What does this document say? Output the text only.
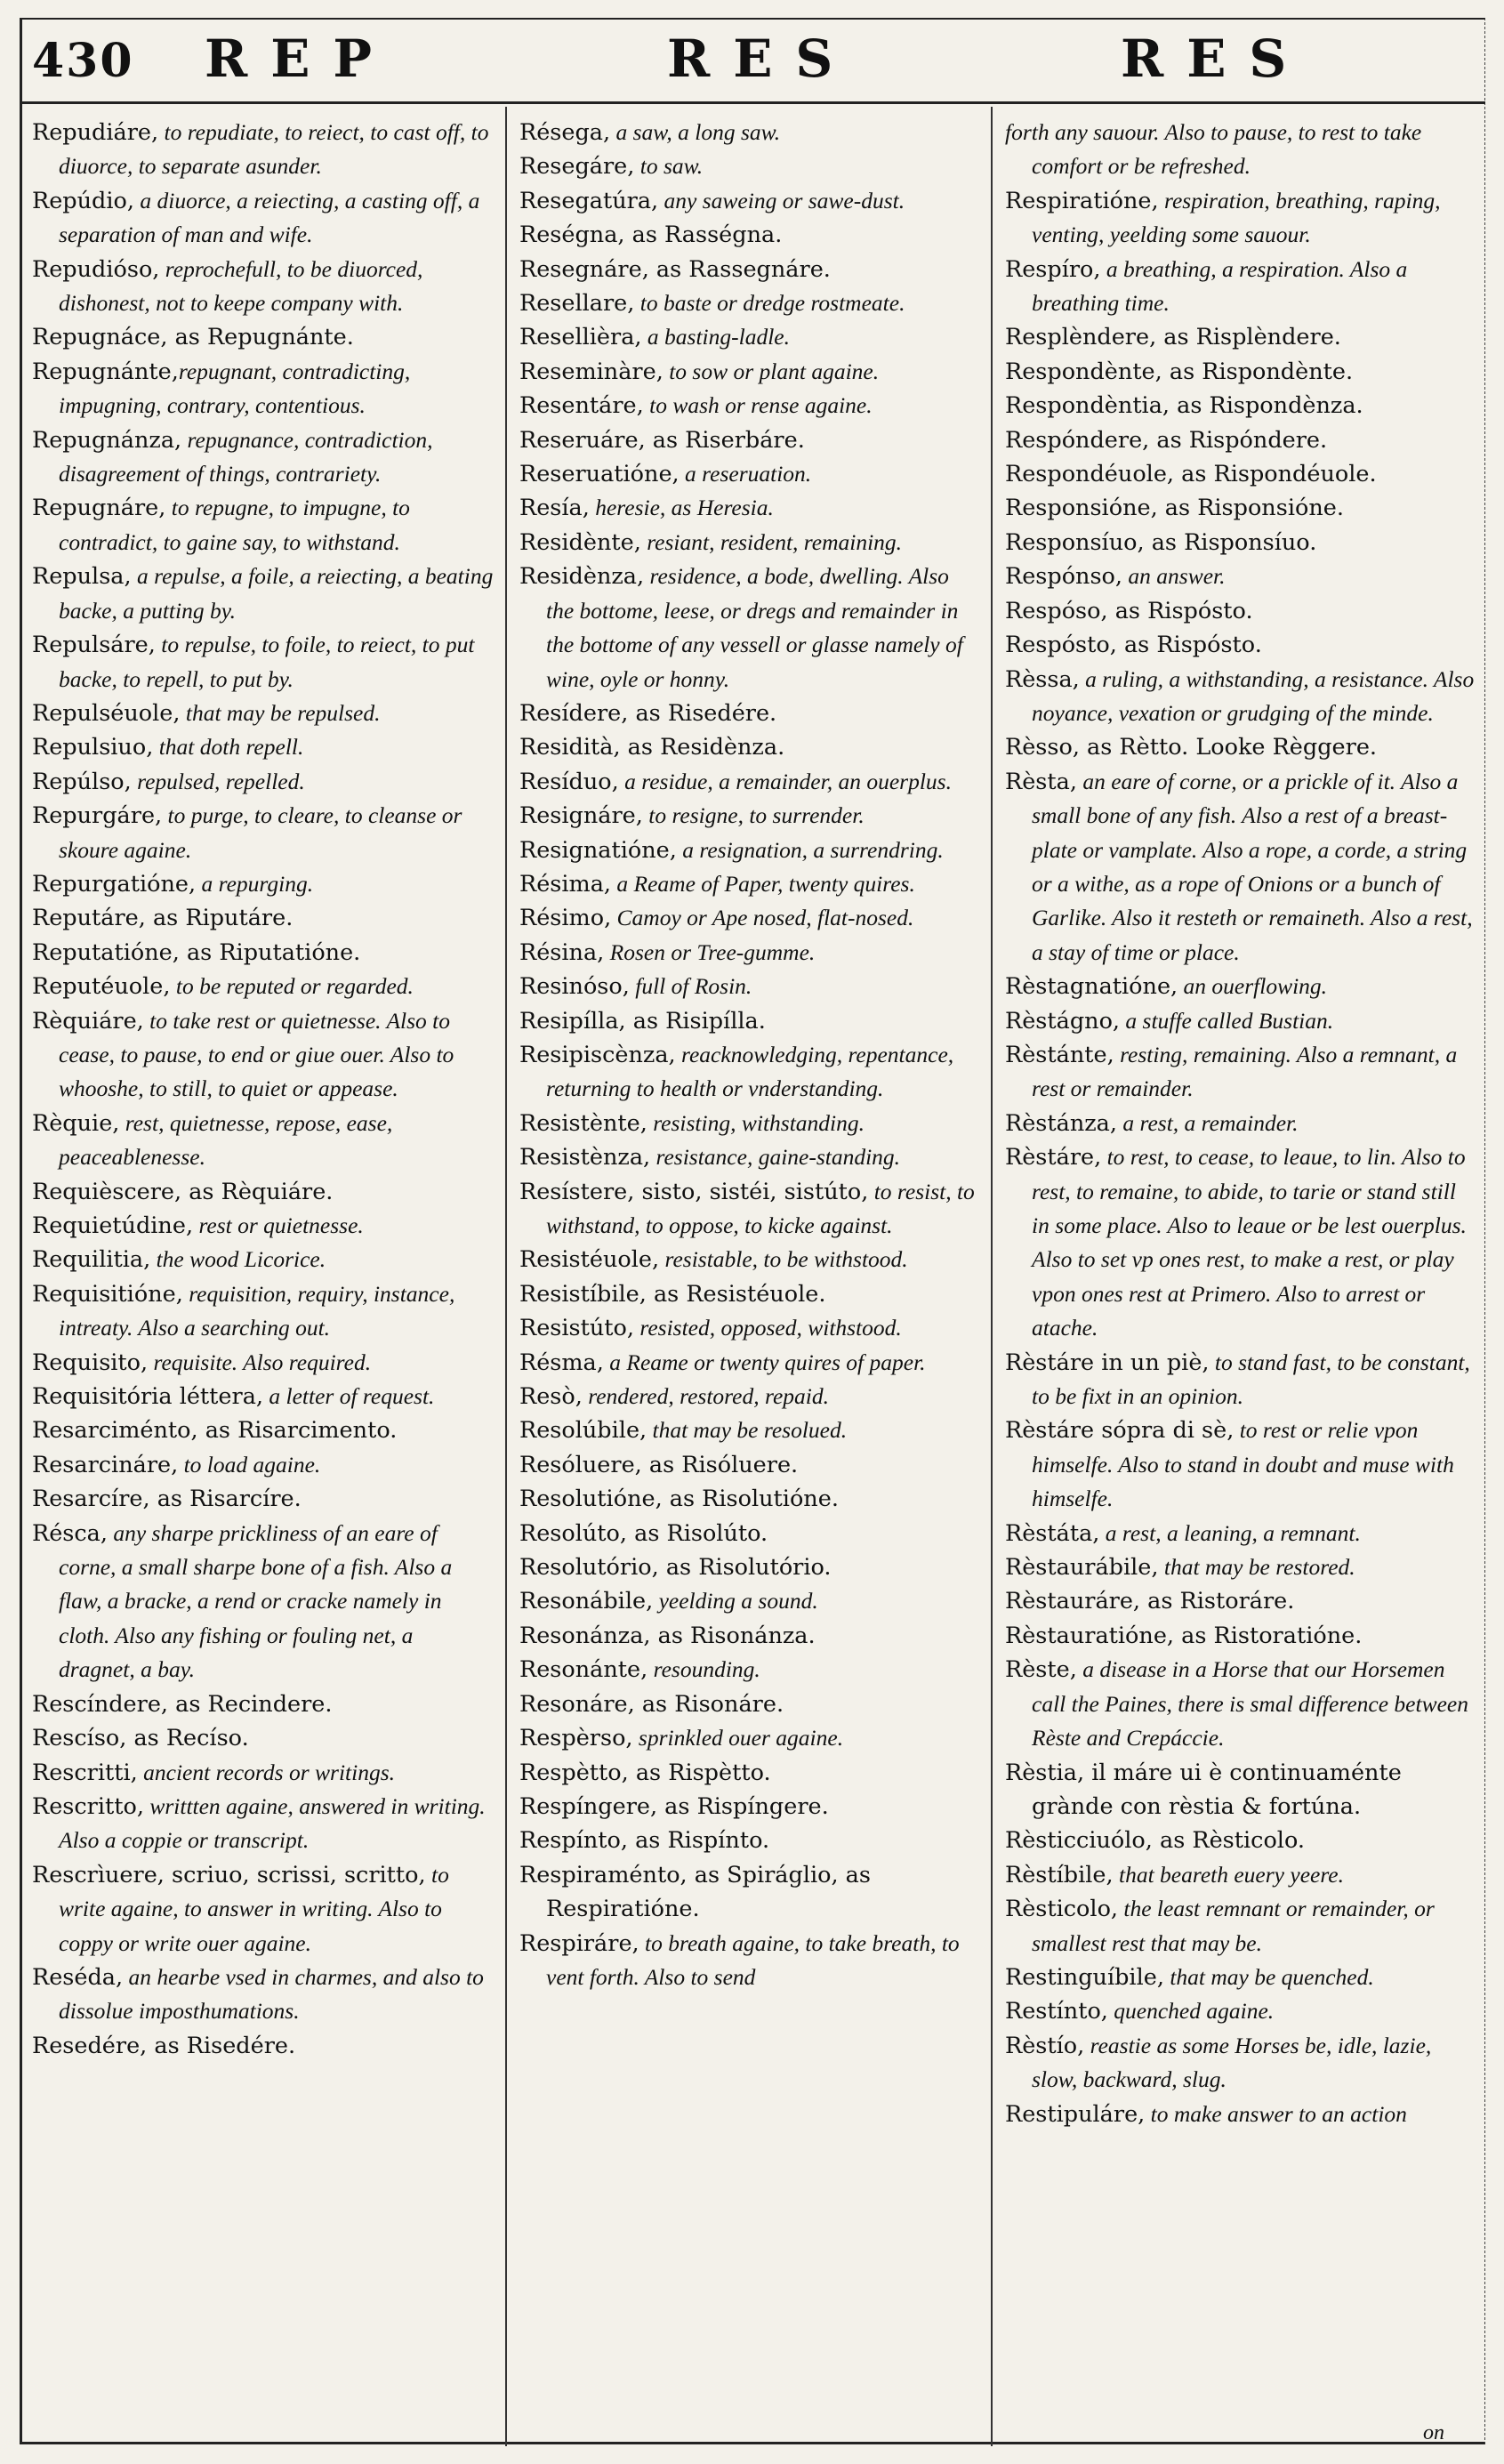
430 REP	RES	RES

Repudiáre, to repudiate, to reiect, to cast off, to diuorce, to separate asunder.

Repúdio, a diuorce, a reiecting, a casting off, a separation of man and wife.

Repudiόso, reprochefull, to be diuorced, dishonest, not to keepe company with.

Repugnáce, as Repugnánte.

Repugnánte,repugnant, contradicting, impugning, contrary, contentious.

Repugnánza, repugnance, contradiction, disagreement of things, contrariety.

Repugnáre, to repugne, to impugne, to contradict, to gaine say, to withstand.

Repulsa, a repulse, a foile, a reiecting, a beating backe, a putting by.

Repulsáre, to repulse, to foile, to reiect, to put backe, to repell, to put by.

Repulséuole, that may be repulsed.

Repulsiuo, that doth repell.

Repúlso, repulsed, repelled.

Repurgáre, to purge, to cleare, to cleanse or skoure againe.

Repurgatióne, a repurging.

Reputáre, as Riputáre.

Reputatióne, as Riputatióne.

Reputéuole, to be reputed or regarded.

Rèquiáre, to take rest or quietnesse. Also to cease, to pause, to end or giue ouer. Also to whooshe, to still, to quiet or appease.

Rèquie, rest, quietnesse, repose, ease, peaceablenesse.

Requièscere, as Rèquiáre.

Requietúdine, rest or quietnesse.

Requilitia, the wood Licorice.

Requisitióne, requisition, requiry, instance, intreaty. Also a searching out.

Requisito, requisite. Also required.

Requisitória léttera, a letter of request.

Resarciménto, as Risarcimento.

Resarcináre, to load againe.

Resarcíre, as Risarcíre.

Résca, any sharpe prickliness of an eare of corne, a small sharpe bone of a fish. Also a flaw, a bracke, a rend or cracke namely in cloth. Also any fishing or fouling net, a dragnet, a bay.

Rescíndere, as Recindere.

Rescíso, as Recíso.

Rescritti, ancient records or writings.

Rescritto, writtten againe, answered in writing. Also a coppie or transcript.

Rescrìuere, scriuo, scrissi, scritto, to write againe, to answer in writing. Also to coppy or write ouer againe.

Reséda, an hearbe vsed in charmes, and also to dissolue imposthumations.

Resedére, as Risedére.

Résega, a saw, a long saw.

Resegáre, to saw.

Resegatúra, any saweing or sawe-dust.

Reségna, as Rasségna.

Resegnáre, as Rassegnáre.

Resellare, to baste or dredge rostmeate.

Resellièra, a basting-ladle.

Reseminàre, to sow or plant againe.

Resentáre, to wash or rense againe.

Reseruáre, as Riserbáre.

Reseruatióne, a reseruation.

Resía, heresie, as Heresia.

Residènte, resiant, resident, remaining.

Residènza, residence, a bode, dwelling. Also the bottome, leese, or dregs and remainder in the bottome of any vessell or glasse namely of wine, oyle or honny.

Resídere, as Risedére.

Residità, as Residènza.

Resíduo, a residue, a remainder, an ouerplus.

Resignáre, to resigne, to surrender.

Resignatióne, a resignation, a surrendring.

Résima, a Reame of Paper, twenty quires.

Résimo, Camoy or Ape nosed, flat-nosed.

Résina, Rosen or Tree-gumme.

Resinóso, full of Rosin.

Resipílla, as Risipílla.

Resipiscènza, reacknowledging, repentance, returning to health or vnderstanding.

Resistènte, resisting, withstanding.

Resistènza, resistance, gaine-standing.

Resístere, sisto, sistéi, sistúto, to resist, to withstand, to oppose, to kicke against.

Resistéuole, resistable, to be withstood.

Resistíbile, as Resistéuole.

Resistúto, resisted, opposed, withstood.

Résma, a Reame or twenty quires of paper.

Resò, rendered, restored, repaid.

Resolúbile, that may be resolued.

Resóluere, as Risóluere.

Resolutióne, as Risolutióne.

Resolúto, as Risolúto.

Resolutório, as Risolutório.

Resonábile, yeelding a sound.

Resonánza, as Risonánza.

Resonánte, resounding.

Resonáre, as Risonáre.

Respèrso, sprinkled ouer againe.

Respètto, as Rispètto.

Respíngere, as Rispíngere.

Respínto, as Rispínto.

Respiraménto, as Spiráglio, as Respiratióne.

Respiráre, to breath againe, to take breath, to vent forth. Also to send

forth any sauour. Also to pause, to rest to take comfort or be refreshed.

Respiratióne, respiration, breathing, raping, venting, yeelding some sauour.

Respíro, a breathing, a respiration. Also a breathing time.

Resplèndere, as Risplèndere.

Respondènte, as Rispondènte.

Respondèntia, as Rispondènza.

Respóndere, as Rispóndere.

Respondéuole, as Rispondéuole.

Responsióne, as Risponsióne.

Responsíuo, as Risponsíuo.

Respónso, an answer.

Respóso, as Rispósto.

Respósto, as Rispósto.

Rèssa, a ruling, a withstanding, a resistance. Also noyance, vexation or grudging of the minde.

Rèsso, as Rètto. Looke Règgere.

Rèsta, an eare of corne, or a prickle of it. Also a small bone of any fish. Also a rest of a breast-plate or vamplate. Also a rope, a corde, a string or a withe, as a rope of Onions or a bunch of Garlike. Also it resteth or remaineth. Also a rest, a stay of time or place.

Rèstagnatióne, an ouerflowing.

Rèstágno, a stuffe called Bustian.

Rèstánte, resting, remaining. Also a remnant, a rest or remainder.

Rèstánza, a rest, a remainder.

Rèstáre, to rest, to cease, to leaue, to lin. Also to rest, to remaine, to abide, to tarie or stand still in some place. Also to leaue or be lest ouerplus. Also to set vp ones rest, to make a rest, or play vpon ones rest at Primero. Also to arrest or atache.

Rèstáre in un piè, to stand fast, to be constant, to be fixt in an opinion.

Rèstáre sópra di sè, to rest or relie vpon himselfe. Also to stand in doubt and muse with himselfe.

Rèstáta, a rest, a leaning, a remnant.

Rèstaurábile, that may be restored.

Rèstauráre, as Ristoráre.

Rèstauratióne, as Ristoratióne.

Rèste, a disease in a Horse that our Horsemen call the Paines, there is smal difference between Rèste and Crepáccie.

Rèstia, il máre ui è continuaménte grànde con rèstia & fortúna.

Rèsticciuólo, as Rèsticolo.

Rèstíbile, that beareth euery yeere.

Rèsticolo, the least remnant or remainder, or smallest rest that may be.

Restinguíbile, that may be quenched.

Restínto, quenched againe.

Rèstío, reastie as some Horses be, idle, lazie, slow, backward, slug.

Restipuláre, to make answer to an action

on
